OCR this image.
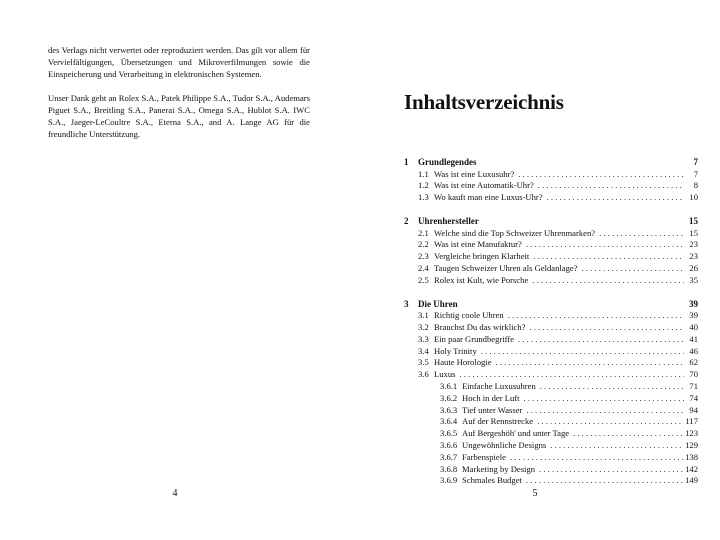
des Verlags nicht verwertet oder reproduziert werden. Das gilt vor allem für Vervielfältigungen, Übersetzungen und Mikroverfilmungen sowie die Einspeicherung und Verarbeitung in elektronischen Systemen.

Unser Dank geht an Rolex S.A., Patek Philippe S.A., Tudor S.A., Audemars Piguet S.A., Breitling S.A., Panerai S.A., Omega S.A., Hublot S.A. IWC S.A., Jaeger-LeCoultre S.A., Eterna S.A., and A. Lange AG für die freundliche Unterstützung.

4
Inhaltsverzeichnis
1	Grundlegendes	7
1.1 Was ist eine Luxusuhr? . . .	7
1.2 Was ist eine Automatik-Uhr? . . .	8
1.3 Wo kauft man eine Luxus-Uhr? . . .	10
2	Uhrenhersteller	15
2.1 Welche sind die Top Schweizer Uhrenmarken? . . .	15
2.2 Was ist eine Manufaktur? . . .	23
2.3 Vergleiche bringen Klarheit . . .	23
2.4 Taugen Schweizer Uhren als Geldanlage? . . .	26
2.5 Rolex ist Kult, wie Porsche . . .	35
3	Die Uhren	39
3.1 Richtig coole Uhren . . .	39
3.2 Brauchst Du das wirklich? . . .	40
3.3 Ein paar Grundbegriffe . . .	41
3.4 Holy Trinity . . .	46
3.5 Haute Horologie . . .	62
3.6 Luxus . . .	70
3.6.1 Einfache Luxusuhren . . .	71
3.6.2 Hoch in der Luft . . .	74
3.6.3 Tief unter Wasser . . .	94
3.6.4 Auf der Rennstrecke . . .	117
3.6.5 Auf Bergeshöh' und unter Tage . . .	123
3.6.6 Ungewöhnliche Designs . . .	129
3.6.7 Farbenspiele . . .	138
3.6.8 Marketing by Design . . .	142
3.6.9 Schmales Budget . . .	149
5
